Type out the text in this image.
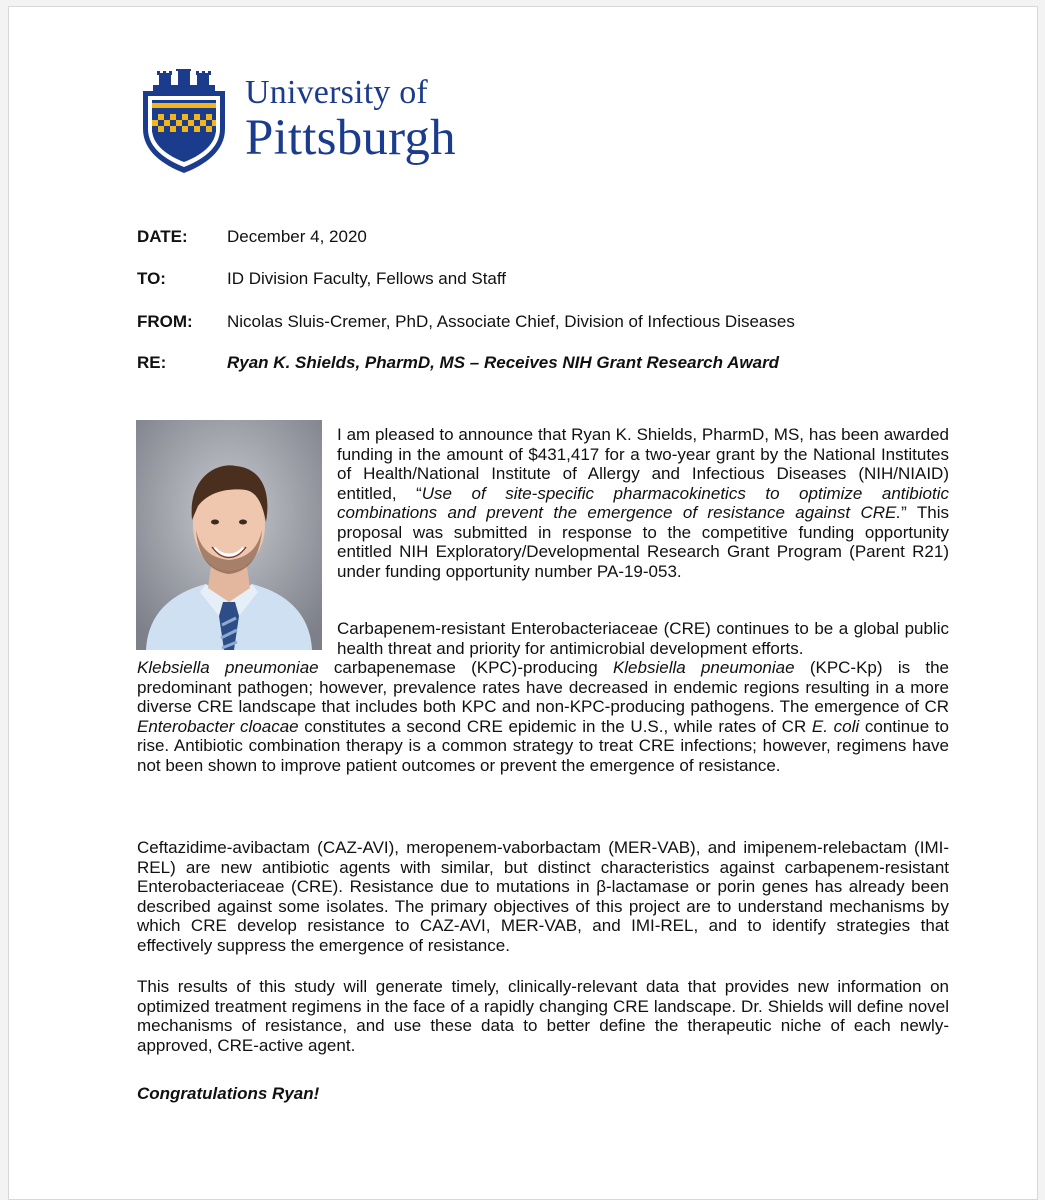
University of
Pittsburgh
DATE:	December 4, 2020
TO:	ID Division Faculty, Fellows and Staff
FROM:	Nicolas Sluis-Cremer, PhD, Associate Chief, Division of Infectious Diseases
RE:	Ryan K. Shields, PharmD, MS – Receives NIH Grant Research Award
I am pleased to announce that Ryan K. Shields, PharmD, MS, has been awarded funding in the amount of $431,417 for a two-year grant by the National Institutes of Health/National Institute of Allergy and Infectious Diseases (NIH/NIAID) entitled, “Use of site-specific pharmacokinetics to optimize antibiotic combinations and prevent the emergence of resistance against CRE.” This proposal was submitted in response to the competitive funding opportunity entitled NIH Exploratory/Developmental Research Grant Program (Parent R21) under funding opportunity number PA-19-053.
Carbapenem-resistant Enterobacteriaceae (CRE) continues to be a global public health threat and priority for antimicrobial development efforts.
Klebsiella pneumoniae carbapenemase (KPC)-producing Klebsiella pneumoniae (KPC-Kp) is the predominant pathogen; however, prevalence rates have decreased in endemic regions resulting in a more diverse CRE landscape that includes both KPC and non-KPC-producing pathogens. The emergence of CR Enterobacter cloacae constitutes a second CRE epidemic in the U.S., while rates of CR E. coli continue to rise. Antibiotic combination therapy is a common strategy to treat CRE infections; however, regimens have not been shown to improve patient outcomes or prevent the emergence of resistance.
Ceftazidime-avibactam (CAZ-AVI), meropenem-vaborbactam (MER-VAB), and imipenem-relebactam (IMI-REL) are new antibiotic agents with similar, but distinct characteristics against carbapenem-resistant Enterobacteriaceae (CRE). Resistance due to mutations in β-lactamase or porin genes has already been described against some isolates. The primary objectives of this project are to understand mechanisms by which CRE develop resistance to CAZ-AVI, MER-VAB, and IMI-REL, and to identify strategies that effectively suppress the emergence of resistance.
This results of this study will generate timely, clinically-relevant data that provides new information on optimized treatment regimens in the face of a rapidly changing CRE landscape. Dr. Shields will define novel mechanisms of resistance, and use these data to better define the therapeutic niche of each newly-approved, CRE-active agent.
Congratulations Ryan!
